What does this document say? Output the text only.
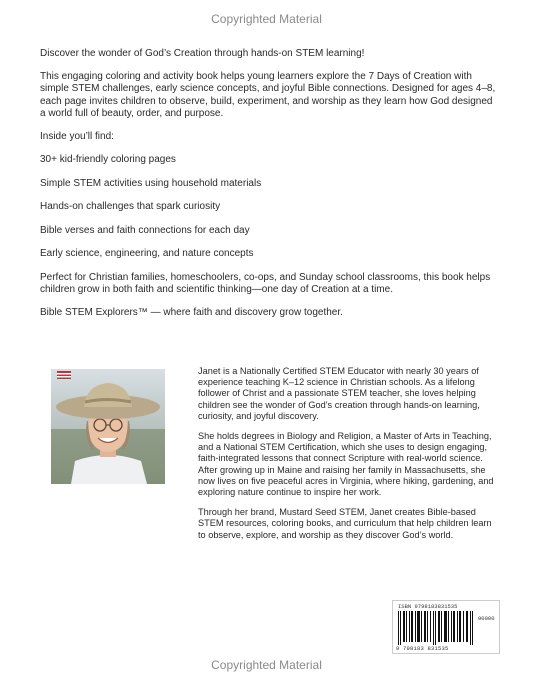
Copyrighted Material

Discover the wonder of God’s Creation through hands-on STEM learning!

This engaging coloring and activity book helps young learners explore the 7 Days of Creation with simple STEM challenges, early science concepts, and joyful Bible connections. Designed for ages 4–8, each page invites children to observe, build, experiment, and worship as they learn how God designed a world full of beauty, order, and purpose.

Inside you’ll find:

30+ kid-friendly coloring pages

Simple STEM activities using household materials

Hands-on challenges that spark curiosity

Bible verses and faith connections for each day

Early science, engineering, and nature concepts

Perfect for Christian families, homeschoolers, co-ops, and Sunday school classrooms, this book helps children grow in both faith and scientific thinking—one day of Creation at a time.

Bible STEM Explorers™ — where faith and discovery grow together.

Janet is a Nationally Certified STEM Educator with nearly 30 years of experience teaching K–12 science in Christian schools. As a lifelong follower of Christ and a passionate STEM teacher, she loves helping children see the wonder of God’s creation through hands-on learning, curiosity, and joyful discovery.

She holds degrees in Biology and Religion, a Master of Arts in Teaching, and a National STEM Certification, which she uses to design engaging, faith-integrated lessons that connect Scripture with real-world science. After growing up in Maine and raising her family in Massachusetts, she now lives on five peaceful acres in Virginia, where hiking, gardening, and exploring nature continue to inspire her work.

Through her brand, Mustard Seed STEM, Janet creates Bible-based STEM resources, coloring books, and curriculum that help children learn to observe, explore, and worship as they discover God’s world.

ISBN 9798183831535
90000
9 798183 831535
Copyrighted Material
